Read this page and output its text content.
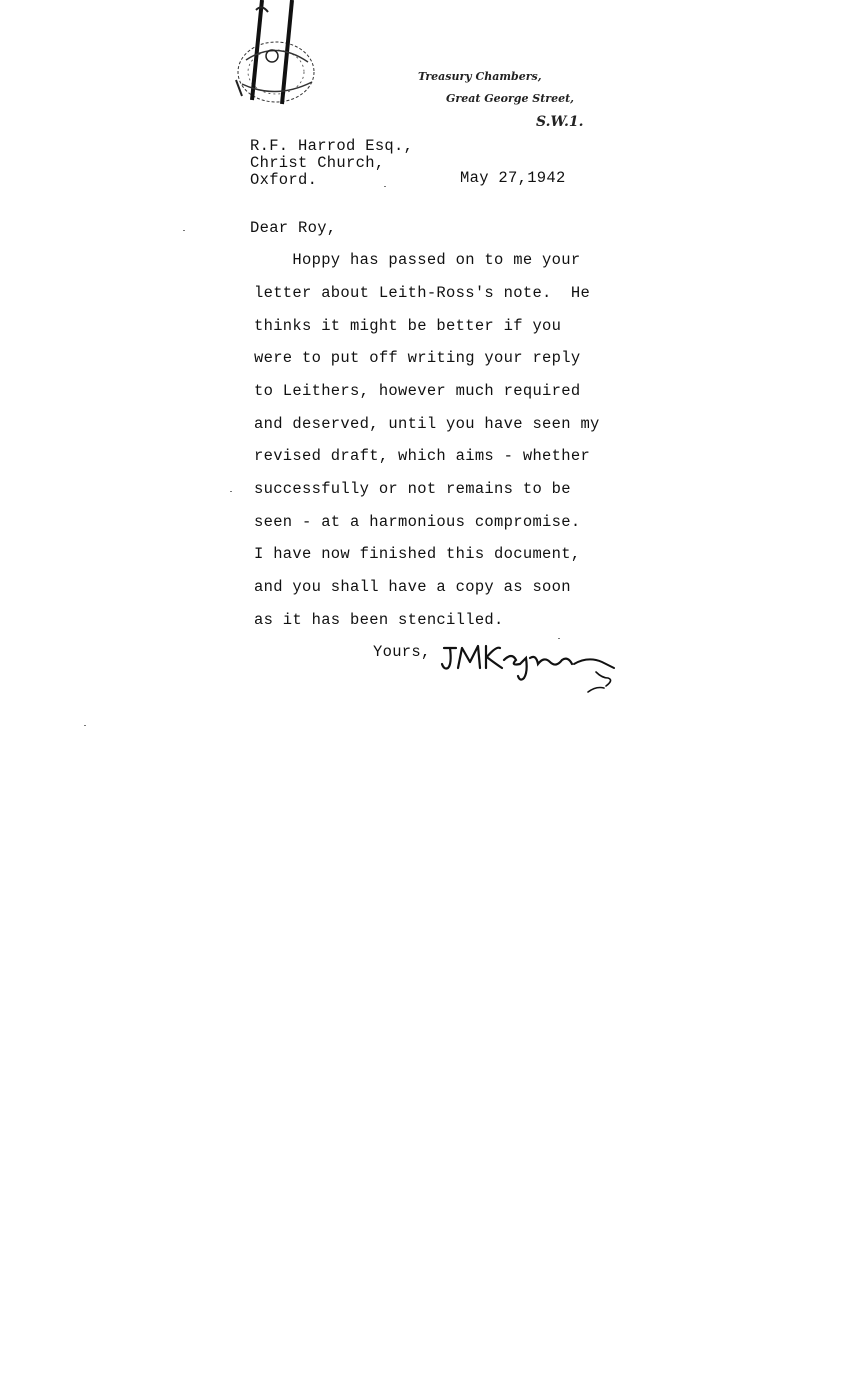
Treasury Chambers,
Great George Street,
S.W.1.
R.F. Harrod Esq.,
Christ Church,
Oxford.	May 27,1942
Dear Roy,
Hoppy has passed on to me your
letter about Leith-Ross's note.  He
thinks it might be better if you
were to put off writing your reply
to Leithers, however much required
and deserved, until you have seen my
revised draft, which aims - whether
successfully or not remains to be
seen - at a harmonious compromise.
I have now finished this document,
and you shall have a copy as soon
as it has been stencilled.
Yours,
